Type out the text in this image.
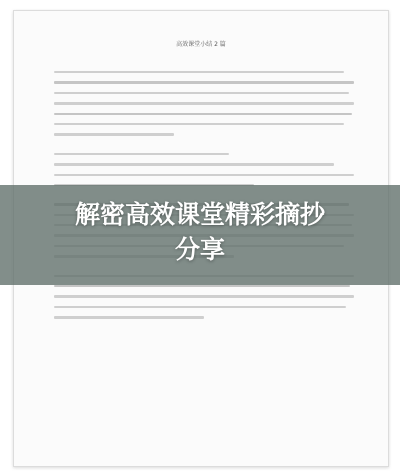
高效课堂小结 2 篇
解密高效课堂精彩摘抄
分享
